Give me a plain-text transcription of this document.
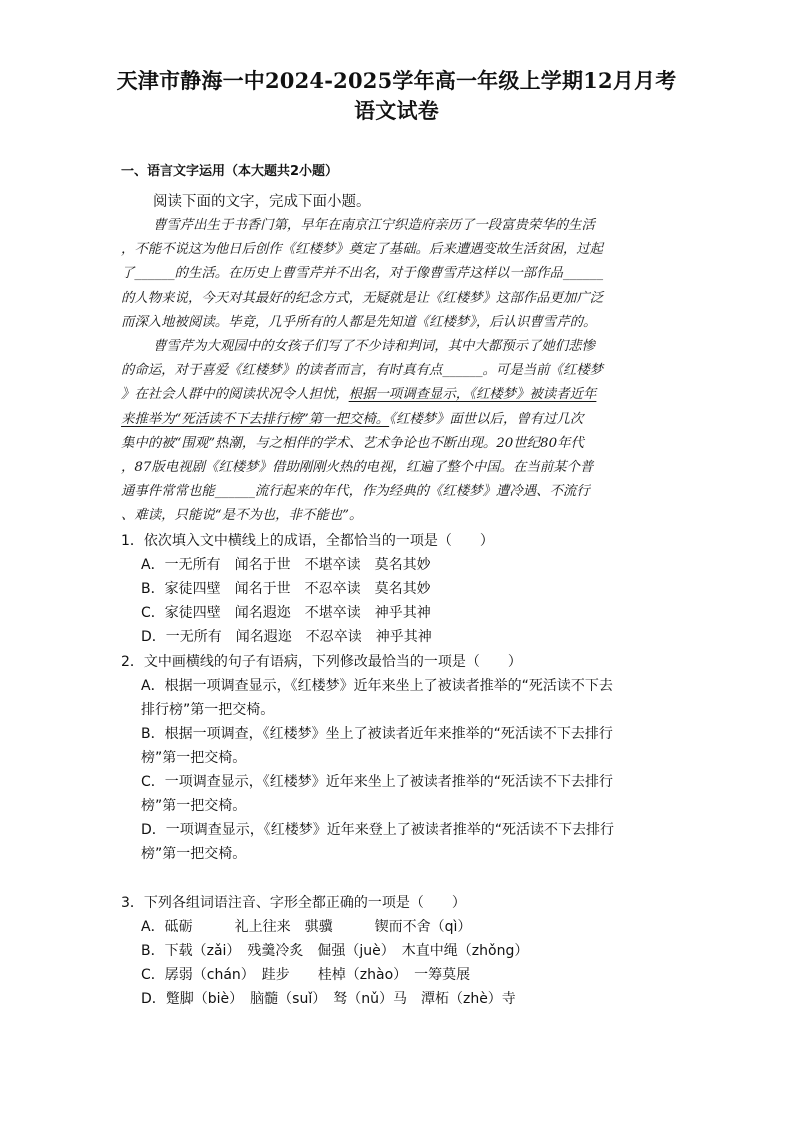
天津市静海一中2024-2025学年高一年级上学期12月月考
语文试卷
一、语言文字运用（本大题共2小题）
阅读下面的文字，完成下面小题。
曹雪芹出生于书香门第，早年在南京江宁织造府亲历了一段富贵荣华的生活
，不能不说这为他日后创作《红楼梦》奠定了基础。后来遭遇变故生活贫困，过起
了______的生活。在历史上曹雪芹并不出名，对于像曹雪芹这样以一部作品______
的人物来说，今天对其最好的纪念方式，无疑就是让《红楼梦》这部作品更加广泛
而深入地被阅读。毕竟，几乎所有的人都是先知道《红楼梦》，后认识曹雪芹的。
曹雪芹为大观园中的女孩子们写了不少诗和判词，其中大都预示了她们悲惨
的命运，对于喜爱《红楼梦》的读者而言，有时真有点______。可是当前《红楼梦
》在社会人群中的阅读状况令人担忧，根据一项调查显示，《红楼梦》被读者近年
来推举为“死活读不下去排行榜”第一把交椅。《红楼梦》面世以后，曾有过几次
集中的被“围观”热潮，与之相伴的学术、艺术争论也不断出现。20世纪80年代
，87版电视剧《红楼梦》借助刚刚火热的电视，红遍了整个中国。在当前某个普
通事件常常也能______流行起来的年代，作为经典的《红楼梦》遭冷遇、不流行
、难读，只能说“是不为也，非不能也”。
1．依次填入文中横线上的成语，全都恰当的一项是（　　）
A．一无所有　闻名于世　不堪卒读　莫名其妙
B．家徒四壁　闻名于世　不忍卒读　莫名其妙
C．家徒四壁　闻名遐迩　不堪卒读　神乎其神
D．一无所有　闻名遐迩　不忍卒读　神乎其神
2．文中画横线的句子有语病，下列修改最恰当的一项是（　　）
A．根据一项调查显示，《红楼梦》近年来坐上了被读者推举的“死活读不下去
排行榜”第一把交椅。
B．根据一项调查，《红楼梦》坐上了被读者近年来推举的“死活读不下去排行
榜”第一把交椅。
C．一项调查显示，《红楼梦》近年来坐上了被读者推举的“死活读不下去排行
榜”第一把交椅。
D．一项调查显示，《红楼梦》近年来登上了被读者推举的“死活读不下去排行
榜”第一把交椅。
3．下列各组词语注音、字形全都正确的一项是（　　）
A．砥砺　　　礼上往来　骐骥　　　锲而不舍（qì）
B．下载（zǎi）　残羹冷炙　倔强（juè）　木直中绳（zhǒng）
C．孱弱（chán）　跬步　　桂棹（zhào）　一筹莫展
D．蹩脚（biè）　脑髓（suǐ）　驽（nǔ）马　潭柘（zhè）寺
